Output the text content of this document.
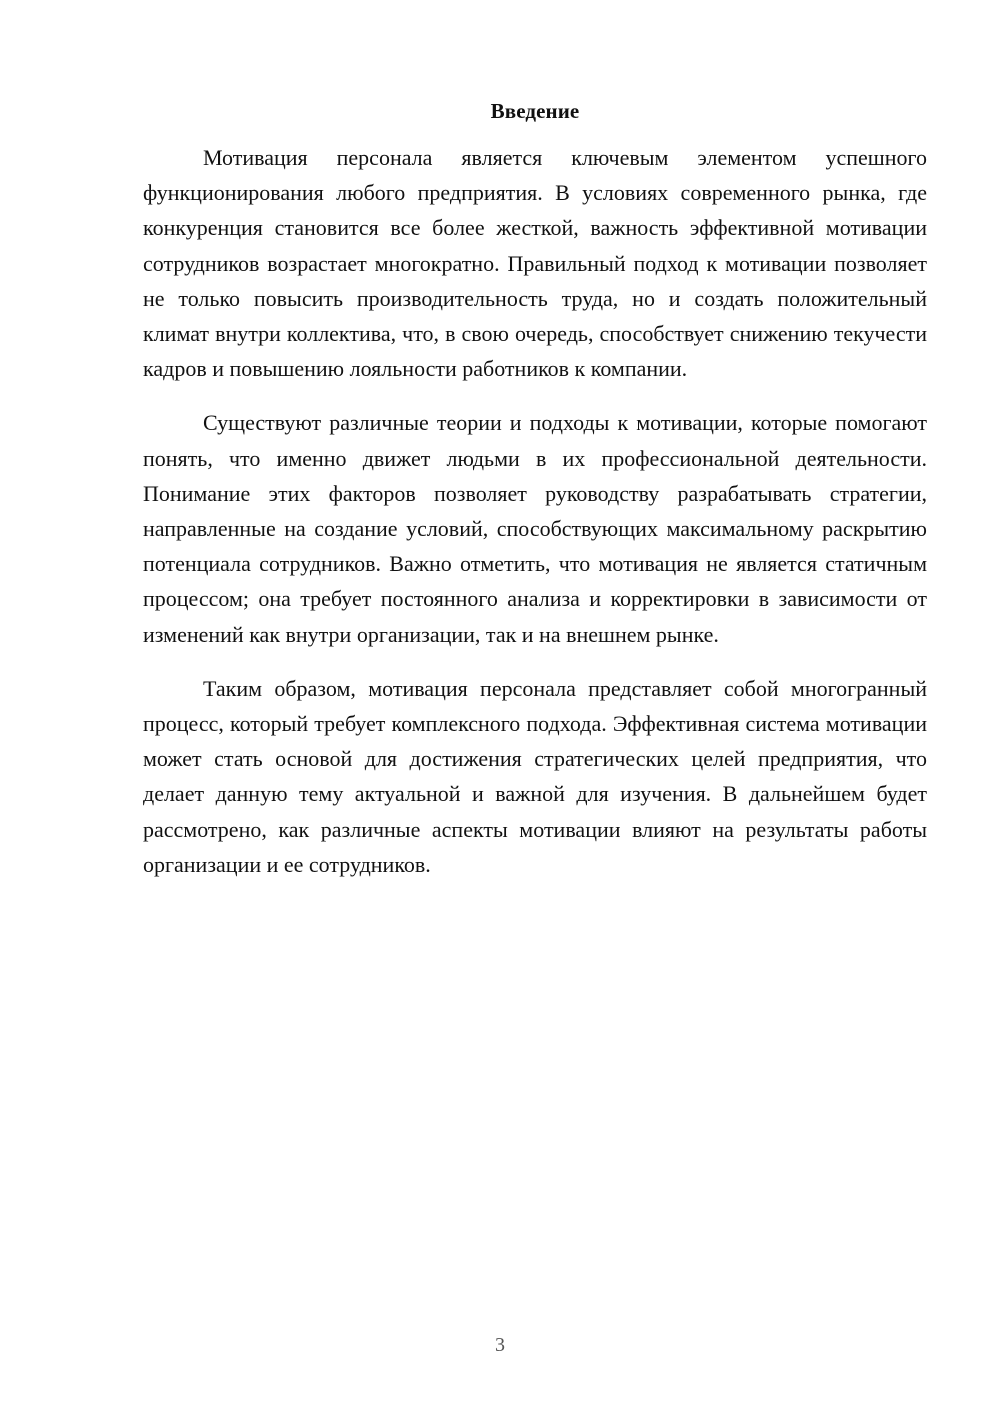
Введение

Мотивация персонала является ключевым элементом успешного функционирования любого предприятия. В условиях современного рынка, где конкуренция становится все более жесткой, важность эффективной мотивации сотрудников возрастает многократно. Правильный подход к мотивации позволяет не только повысить производительность труда, но и создать положительный климат внутри коллектива, что, в свою очередь, способствует снижению текучести кадров и повышению лояльности работников к компании.

Существуют различные теории и подходы к мотивации, которые помогают понять, что именно движет людьми в их профессиональной деятельности. Понимание этих факторов позволяет руководству разрабатывать стратегии, направленные на создание условий, способствующих максимальному раскрытию потенциала сотрудников. Важно отметить, что мотивация не является статичным процессом; она требует постоянного анализа и корректировки в зависимости от изменений как внутри организации, так и на внешнем рынке.

Таким образом, мотивация персонала представляет собой многогранный процесс, который требует комплексного подхода. Эффективная система мотивации может стать основой для достижения стратегических целей предприятия, что делает данную тему актуальной и важной для изучения. В дальнейшем будет рассмотрено, как различные аспекты мотивации влияют на результаты работы организации и ее сотрудников.

3
